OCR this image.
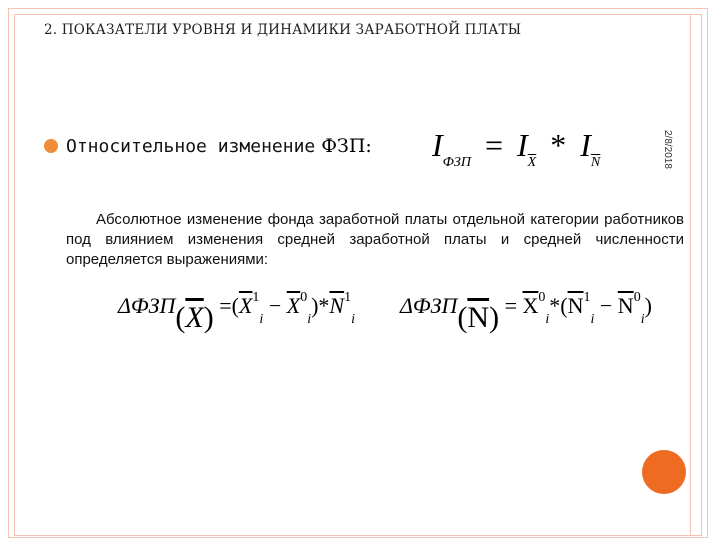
2. ПОКАЗАТЕЛИ УРОВНЯ И ДИНАМИКИ ЗАРАБОТНОЙ ПЛАТЫ
2/8/2018
Относительное изменение ФЗП: $I_{ФЗП} = I_{\overline{X}} * I_{\overline{N}}$
Абсолютное изменение фонда заработной платы отдельной категории работников под влиянием изменения средней заработной платы и средней численности определяется выражениями:
$\Delta ФЗП(\overline{X}) =(\overline{X}^1_i - \overline{X}^0_i)*\overline{N}^1_i$
$\Delta ФЗП(\overline{N}) = \overline{X}^0_i*(\overline{N}^1_i - \overline{N}^0_i)$
